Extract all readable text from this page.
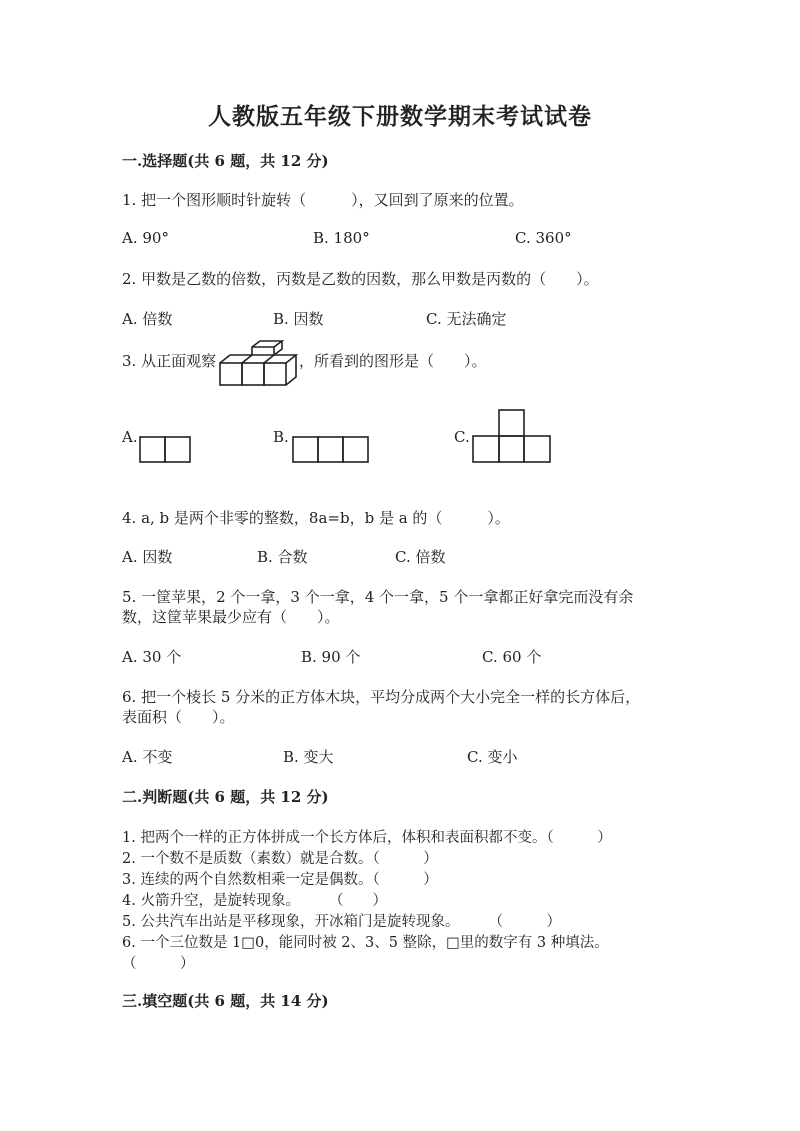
人教版五年级下册数学期末考试试卷
一.选择题(共 6 题，共 12 分)
1. 把一个图形顺时针旋转（　　　），又回到了原来的位置。
A. 90°	B. 180°	C. 360°
2. 甲数是乙数的倍数，丙数是乙数的因数，那么甲数是丙数的（　　）。
A. 倍数	B. 因数	C. 无法确定
3. 从正面观察	，所看到的图形是（　　）。
A.	B.	C.
4. a, b 是两个非零的整数，8a=b，b 是 a 的（　　　）。
A. 因数	B. 合数	C. 倍数
5. 一筐苹果，2 个一拿，3 个一拿，4 个一拿，5 个一拿都正好拿完而没有余
数，这筐苹果最少应有（　　）。
A. 30 个	B. 90 个	C. 60 个
6. 把一个棱长 5 分米的正方体木块，平均分成两个大小完全一样的长方体后，
表面积（　　）。
A. 不变	B. 变大	C. 变小
二.判断题(共 6 题，共 12 分)
1. 把两个一样的正方体拼成一个长方体后，体积和表面积都不变。（　　　）
2. 一个数不是质数（素数）就是合数。（　　　）
3. 连续的两个自然数相乘一定是偶数。（　　　）
4. 火箭升空，是旋转现象。　　　（　　）
5. 公共汽车出站是平移现象，开冰箱门是旋转现象。　　　（　　　）
6. 一个三位数是 1□0，能同时被 2、3、5 整除，□里的数字有 3 种填法。
（　　　）
三.填空题(共 6 题，共 14 分)
